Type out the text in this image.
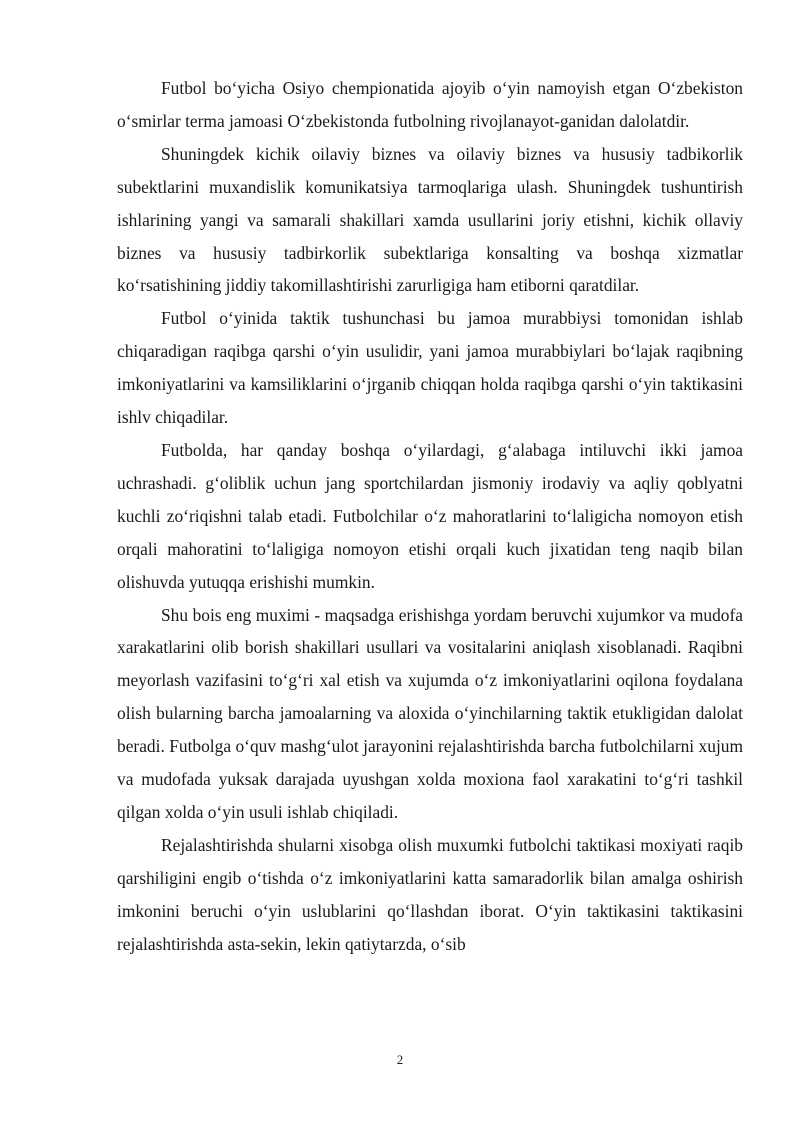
Futbol bo‘yicha Osiyo chempionatida ajoyib o‘yin namoyish etgan O‘zbekiston o‘smirlar terma jamoasi O‘zbekistonda futbolning rivojlanayot-ganidan dalolatdir.

Shuningdek kichik oilaviy biznes va oilaviy biznes va hususiy tadbikorlik subektlarini muxandislik komunikatsiya tarmoqlariga ulash. Shuningdek tushuntirish ishlarining yangi va samarali shakillari xamda usullarini joriy etishni, kichik ollaviy biznes va hususiy tadbirkorlik subektlariga konsalting va boshqa xizmatlar ko‘rsatishining jiddiy takomillashtirishi zarurligiga ham etiborni qaratdilar.

Futbol o‘yinida taktik tushunchasi bu jamoa murabbiysi tomonidan ishlab chiqaradigan raqibga qarshi o‘yin usulidir, yani jamoa murabbiylari bo‘lajak raqibning imkoniyatlarini va kamsiliklarini o‘jrganib chiqqan holda raqibga qarshi o‘yin taktikasini ishlv chiqadilar.

Futbolda, har qanday boshqa o‘yilardagi, g‘alabaga intiluvchi ikki jamoa uchrashadi. g‘oliblik uchun jang sportchilardan jismoniy irodaviy va aqliy qoblyatni kuchli zo‘riqishni talab etadi. Futbolchilar o‘z mahoratlarini to‘laligicha nomoyon etish orqali mahoratini to‘laligiga nomoyon etishi orqali kuch jixatidan teng naqib bilan olishuvda yutuqqa erishishi mumkin.

Shu bois eng muximi - maqsadga erishishga yordam beruvchi xujumkor va mudofa xarakatlarini olib borish shakillari usullari va vositalarini aniqlash xisoblanadi. Raqibni meyorlash vazifasini to‘g‘ri xal etish va xujumda o‘z imkoniyatlarini oqilona foydalana olish bularning barcha jamoalarning va aloxida o‘yinchilarning taktik etukligidan dalolat beradi. Futbolga o‘quv mashg‘ulot jarayonini rejalashtirishda barcha futbolchilarni xujum va mudofada yuksak darajada uyushgan xolda moxiona faol xarakatini to‘g‘ri tashkil qilgan xolda o‘yin usuli ishlab chiqiladi.

Rejalashtirishda shularni xisobga olish muxumki futbolchi taktikasi moxiyati raqib qarshiligini engib o‘tishda o‘z imkoniyatlarini katta samaradorlik bilan amalga oshirish imkonini beruchi o‘yin uslublarini qo‘llashdan iborat. O‘yin taktikasini taktikasini rejalashtirishda asta-sekin, lekin qatiytarzda, o‘sib

2
